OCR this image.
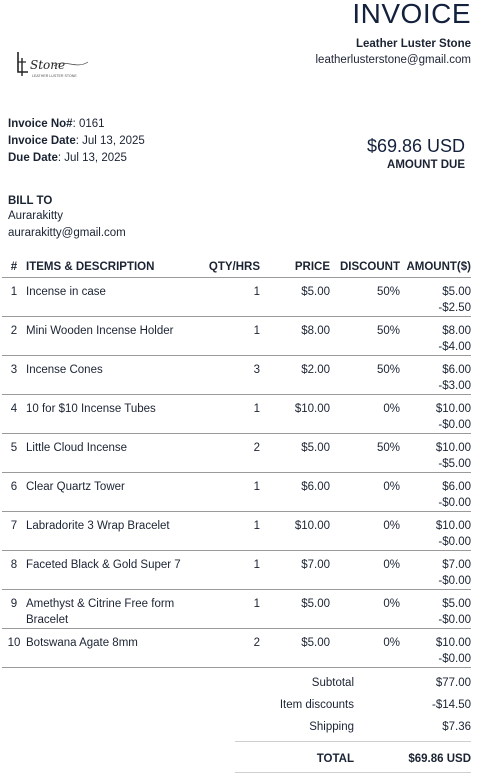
INVOICE
Leather Luster Stone
leatherlusterstone@gmail.com
Stone
LEATHER LUSTER STONE
Invoice No#: 0161
Invoice Date: Jul 13, 2025
Due Date: Jul 13, 2025
$69.86 USD
AMOUNT DUE
BILL TO
Aurarakitty
aurarakitty@gmail.com
#	ITEMS & DESCRIPTION	QTY/HRS	PRICE	DISCOUNT	AMOUNT($)
1	Incense in case	1	$5.00	50%	$5.00
-$2.50

2	Mini Wooden Incense Holder	1	$8.00	50%	$8.00
-$4.00

3	Incense Cones	3	$2.00	50%	$6.00
-$3.00

4	10 for $10 Incense Tubes	1	$10.00	0%	$10.00
-$0.00

5	Little Cloud Incense	2	$5.00	50%	$10.00
-$5.00

6	Clear Quartz Tower	1	$6.00	0%	$6.00
-$0.00

7	Labradorite 3 Wrap Bracelet	1	$10.00	0%	$10.00
-$0.00

8	Faceted Black & Gold Super 7	1	$7.00	0%	$7.00
-$0.00

9	Amethyst & Citrine Free form Bracelet	1	$5.00	0%	$5.00
-$0.00

10	Botswana Agate 8mm	2	$5.00	0%	$10.00
-$0.00
Subtotal	$77.00
Item discounts	-$14.50
Shipping	$7.36
TOTAL	$69.86 USD
